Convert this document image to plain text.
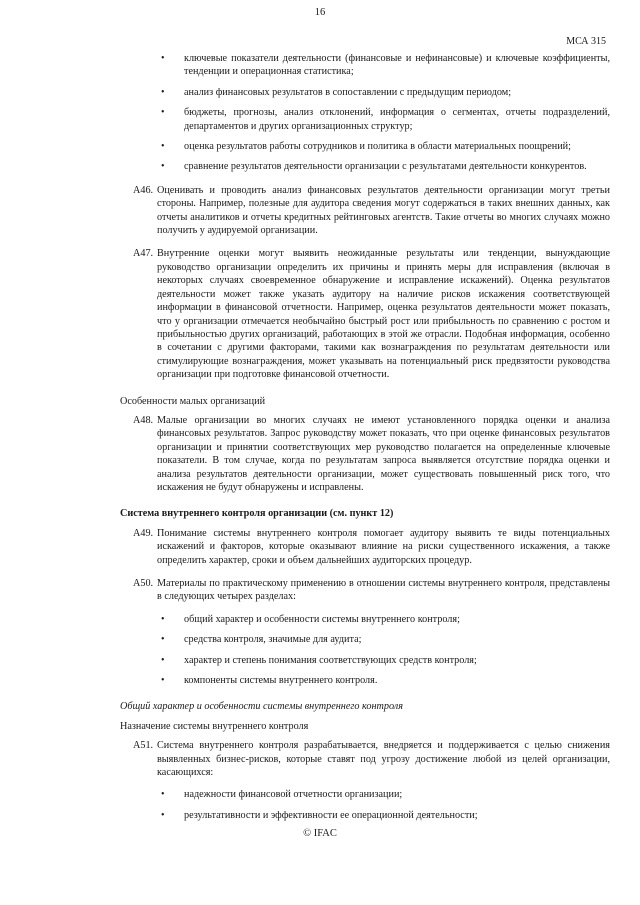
16
МСА 315
• ключевые показатели деятельности (финансовые и нефинансовые) и ключевые коэффициенты, тенденции и операционная статистика;
• анализ финансовых результатов в сопоставлении с предыдущим периодом;
• бюджеты, прогнозы, анализ отклонений, информация о сегментах, отчеты подразделений, департаментов и других организационных структур;
• оценка результатов работы сотрудников и политика в области материальных поощрений;
• сравнение результатов деятельности организации с результатами деятельности конкурентов.
A46. Оценивать и проводить анализ финансовых результатов деятельности организации могут третьи стороны. Например, полезные для аудитора сведения могут содержаться в таких внешних данных, как отчеты аналитиков и отчеты кредитных рейтинговых агентств. Такие отчеты во многих случаях можно получить у аудируемой организации.
A47. Внутренние оценки могут выявить неожиданные результаты или тенденции, вынуждающие руководство организации определить их причины и принять меры для исправления (включая в некоторых случаях своевременное обнаружение и исправление искажений). Оценка результатов деятельности может также указать аудитору на наличие рисков искажения соответствующей информации в финансовой отчетности. Например, оценка результатов деятельности может показать, что у организации отмечается необычайно быстрый рост или прибыльность по сравнению с ростом и прибыльностью других организаций, работающих в этой же отрасли. Подобная информация, особенно в сочетании с другими факторами, такими как вознаграждения по результатам деятельности или стимулирующие вознаграждения, может указывать на потенциальный риск предвзятости руководства организации при подготовке финансовой отчетности.
Особенности малых организаций
A48. Малые организации во многих случаях не имеют установленного порядка оценки и анализа финансовых результатов. Запрос руководству может показать, что при оценке финансовых результатов организации и принятии соответствующих мер руководство полагается на определенные ключевые показатели. В том случае, когда по результатам запроса выявляется отсутствие порядка оценки и анализа результатов деятельности организации, может существовать повышенный риск того, что искажения не будут обнаружены и исправлены.
Система внутреннего контроля организации (см. пункт 12)
A49. Понимание системы внутреннего контроля помогает аудитору выявить те виды потенциальных искажений и факторов, которые оказывают влияние на риски существенного искажения, а также определить характер, сроки и объем дальнейших аудиторских процедур.
A50. Материалы по практическому применению в отношении системы внутреннего контроля, представлены в следующих четырех разделах:
• общий характер и особенности системы внутреннего контроля;
• средства контроля, значимые для аудита;
• характер и степень понимания соответствующих средств контроля;
• компоненты системы внутреннего контроля.
Общий характер и особенности системы внутреннего контроля
Назначение системы внутреннего контроля
A51. Система внутреннего контроля разрабатывается, внедряется и поддерживается с целью снижения выявленных бизнес-рисков, которые ставят под угрозу достижение любой из целей организации, касающихся:
• надежности финансовой отчетности организации;
• результативности и эффективности ее операционной деятельности;
© IFAC
